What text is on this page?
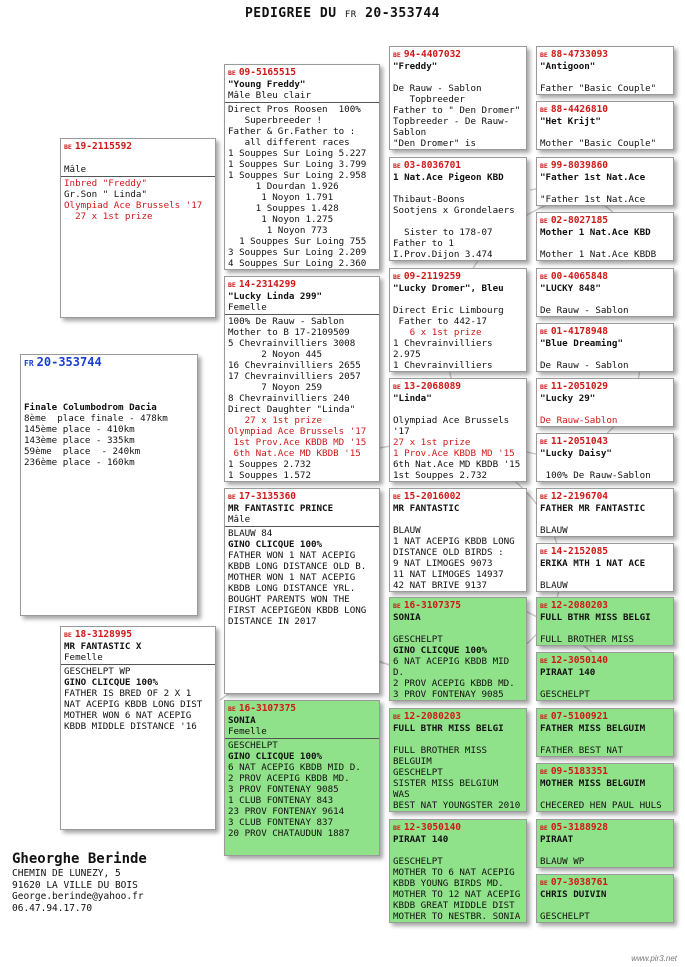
PEDIGREE DU FR 20-353744
FR 20-353744

Finale Columbodrom Dacia
8ème  place finale - 478km
145ème place - 410km
143ème place - 335km
59ème  place  - 240km
236ème place - 160km
BE 19-2115592

Mâle
Inbred "Freddy"
Gr.Son " Linda"
Olympiad Ace Brussels '17
27 x 1st prize
BE 18-3128995
MR FANTASTIC X
Femelle
GESCHELPT WP
GINO CLICQUE 100%
FATHER IS BRED OF 2 X 1
NAT ACEPIG KBDB LONG DIST
MOTHER WON 6 NAT ACEPIG
KBDB MIDDLE DISTANCE '16
BE 09-5165515
"Young Freddy"
Mâle Bleu clair
Direct Pros Roosen  100%
Superbreeder !
Father & Gr.Father to :
all different races
1 Souppes Sur Loing 5.227
1 Souppes Sur Loing 3.799
1 Souppes Sur Loing 2.958
1 Dourdan 1.926
1 Noyon 1.791
1 Souppes 1.428
1 Noyon 1.275
1 Noyon 773
1 Souppes Sur Loing 755
3 Souppes Sur Loing 2.209
4 Souppes Sur Loing 2.360
BE 14-2314299
"Lucky Linda 299"
Femelle
100% De Rauw - Sablon
Mother to B 17-2109509
5 Chevrainvilliers 3008
2 Noyon 445
16 Chevrainvilliers 2655
17 Chevrainvilliers 2057
7 Noyon 259
8 Chevrainvilliers 240
Direct Daughter "Linda"
27 x 1st prize
Olympiad Ace Brussels '17
1st Prov.Ace KBDB MD '15
6th Nat.Ace MD KBDB '15
1 Souppes 2.732
1 Souppes 1.572
BE 17-3135360
MR FANTASTIC PRINCE
Mâle
BLAUW 84
GINO CLICQUE 100%
FATHER WON 1 NAT ACEPIG
KBDB LONG DISTANCE OLD B.
MOTHER WON 1 NAT ACEPIG
KBDB LONG DISTANCE YRL.
BOUGHT PARENTS WON THE
FIRST ACEPIGEON KBDB LONG
DISTANCE IN 2017
BE 16-3107375
SONIA
Femelle
GESCHELPT
GINO CLICQUE 100%
6 NAT ACEPIG KBDB MID D.
2 PROV ACEPIG KBDB MD.
3 PROV FONTENAY 9085
1 CLUB FONTENAY 843
23 PROV FONTENAY 9614
3 CLUB FONTENAY 837
20 PROV CHATAUDUN 1887
BE 94-4407032
"Freddy"

De Rauw - Sablon
Topbreeder
Father to " Den Dromer"
Topbreeder - De Rauw-
Sablon
"Den Dromer" is
BE 03-8036701
1 Nat.Ace Pigeon KBD

Thibaut-Boons
Sootjens x Grondelaers

Sister to 178-07
Father to 1
I.Prov.Dijon 3.474
BE 09-2119259
"Lucky Dromer", Bleu

Direct Eric Limbourg
Father to 442-17
6 x 1st prize
1 Chevrainvilliers
2.975
1 Chevrainvilliers
BE 13-2068089
"Linda"

Olympiad Ace Brussels
'17
27 x 1st prize
1 Prov.Ace KBDB MD '15
6th Nat.Ace MD KBDB '15
1st Souppes 2.732
BE 15-2016002
MR FANTASTIC

BLAUW
1 NAT ACEPIG KBDB LONG
DISTANCE OLD BIRDS :
9 NAT LIMOGES 9073
11 NAT LIMOGES 14937
42 NAT BRIVE 9137
BE 16-3107375
SONIA

GESCHELPT
GINO CLICQUE 100%
6 NAT ACEPIG KBDB MID
D.
2 PROV ACEPIG KBDB MD.
3 PROV FONTENAY 9085
BE 12-2080203
FULL BTHR MISS BELGI

FULL BROTHER MISS
BELGUIM
GESCHELPT
SISTER MISS BELGIUM
WAS
BEST NAT YOUNGSTER 2010
BE 12-3050140
PIRAAT 140

GESCHELPT
MOTHER TO 6 NAT ACEPIG
KBDB YOUNG BIRDS MD.
MOTHER TO 12 NAT ACEPIG
KBDB GREAT MIDDLE DIST
MOTHER TO NESTBR. SONIA
BE 88-4733093
"Antigoon"

Father "Basic Couple"
BE 88-4426810
"Het Krijt"

Mother "Basic Couple"
BE 99-8039860
"Father 1st Nat.Ace

"Father 1st Nat.Ace
BE 02-8027185
Mother 1 Nat.Ace KBD

Mother 1 Nat.Ace KBDB
BE 00-4065848
"LUCKY 848"

De Rauw - Sablon
BE 01-4178948
"Blue Dreaming"

De Rauw - Sablon
BE 11-2051029
"Lucky 29"

De Rauw-Sablon
BE 11-2051043
"Lucky Daisy"

100% De Rauw-Sablon
BE 12-2196704
FATHER MR FANTASTIC

BLAUW
BE 14-2152085
ERIKA MTH 1 NAT ACE

BLAUW
BE 12-2080203
FULL BTHR MISS BELGI

FULL BROTHER MISS
BE 12-3050140
PIRAAT 140

GESCHELPT
BE 07-5100921
FATHER MISS BELGUIM

FATHER BEST NAT
BE 09-5183351
MOTHER MISS BELGUIM

CHECERED HEN PAUL HULS
BE 05-3188928
PIRAAT

BLAUW WP
BE 07-3038761
CHRIS DUIVIN

GESCHELPT
Gheorghe Berinde
CHEMIN DE LUNEZY, 5
91620 LA VILLE DU BOIS
George.berinde@yahoo.fr
06.47.94.17.70
www.pir3.net
